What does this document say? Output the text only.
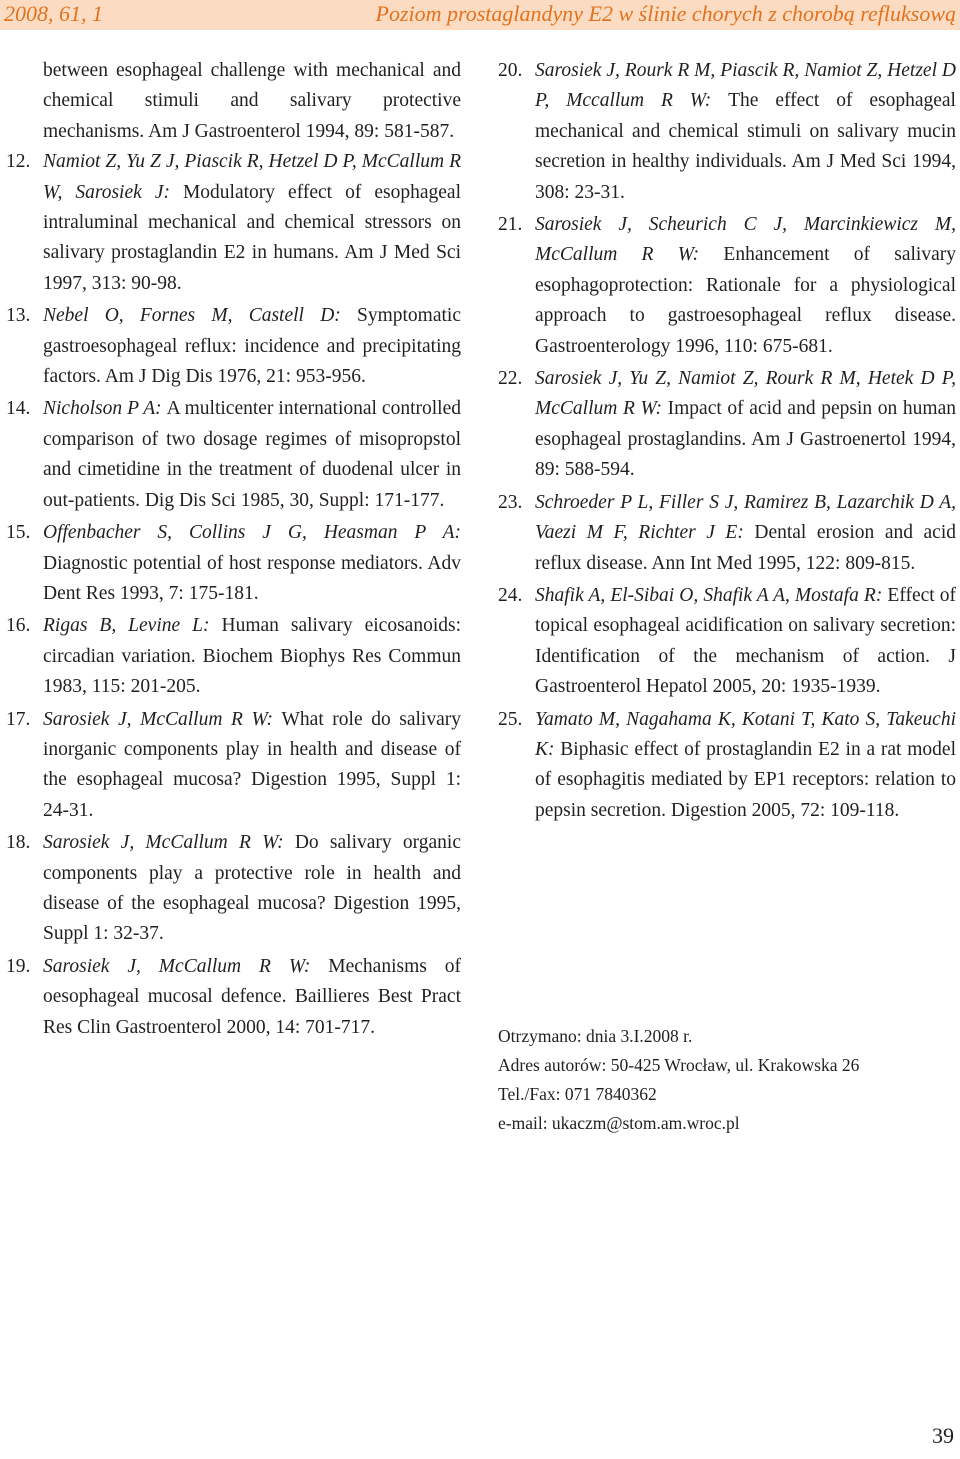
2008, 61, 1	Poziom prostaglandyny E2 w ślinie chorych z chorobą refluksową
between esophageal challenge with mechanical and chemical stimuli and salivary protective mechanisms. Am J Gastroenterol 1994, 89: 581-587.
12. Namiot Z, Yu Z J, Piascik R, Hetzel D P, McCallum R W, Sarosiek J: Modulatory effect of esophageal intraluminal mechanical and chemical stressors on salivary prostaglandin E2 in humans. Am J Med Sci 1997, 313: 90-98.
13. Nebel O, Fornes M, Castell D: Symptomatic gastroesophageal reflux: incidence and precipitating factors. Am J Dig Dis 1976, 21: 953-956.
14. Nicholson P A: A multicenter international controlled comparison of two dosage regimes of misopropstol and cimetidine in the treatment of duodenal ulcer in out-patients. Dig Dis Sci 1985, 30, Suppl: 171-177.
15. Offenbacher S, Collins J G, Heasman P A: Diagnostic potential of host response mediators. Adv Dent Res 1993, 7: 175-181.
16. Rigas B, Levine L: Human salivary eicosanoids: circadian variation. Biochem Biophys Res Commun 1983, 115: 201-205.
17. Sarosiek J, McCallum R W: What role do salivary inorganic components play in health and disease of the esophageal mucosa? Digestion 1995, Suppl 1: 24-31.
18. Sarosiek J, McCallum R W: Do salivary organic components play a protective role in health and disease of the esophageal mucosa? Digestion 1995, Suppl 1: 32-37.
19. Sarosiek J, McCallum R W: Mechanisms of oesophageal mucosal defence. Baillieres Best Pract Res Clin Gastroenterol 2000, 14: 701-717.
20. Sarosiek J, Rourk R M, Piascik R, Namiot Z, Hetzel D P, Mccallum R W: The effect of esophageal mechanical and chemical stimuli on salivary mucin secretion in healthy individuals. Am J Med Sci 1994, 308: 23-31.
21. Sarosiek J, Scheurich C J, Marcinkiewicz M, McCallum R W: Enhancement of salivary esophagoprotection: Rationale for a physiological approach to gastroesophageal reflux disease. Gastroenterology 1996, 110: 675-681.
22. Sarosiek J, Yu Z, Namiot Z, Rourk R M, Hetek D P, McCallum R W: Impact of acid and pepsin on human esophageal prostaglandins. Am J Gastroenertol 1994, 89: 588-594.
23. Schroeder P L, Filler S J, Ramirez B, Lazarchik D A, Vaezi M F, Richter J E: Dental erosion and acid reflux disease. Ann Int Med 1995, 122: 809-815.
24. Shafik A, El-Sibai O, Shafik A A, Mostafa R: Effect of topical esophageal acidification on salivary secretion: Identification of the mechanism of action. J Gastroenterol Hepatol 2005, 20: 1935-1939.
25. Yamato M, Nagahama K, Kotani T, Kato S, Takeuchi K: Biphasic effect of prostaglandin E2 in a rat model of esophagitis mediated by EP1 receptors: relation to pepsin secretion. Digestion 2005, 72: 109-118.
Otrzymano: dnia 3.I.2008 r.
Adres autorów: 50-425 Wrocław, ul. Krakowska 26
Tel./Fax: 071 7840362
e-mail: ukaczm@stom.am.wroc.pl
39
